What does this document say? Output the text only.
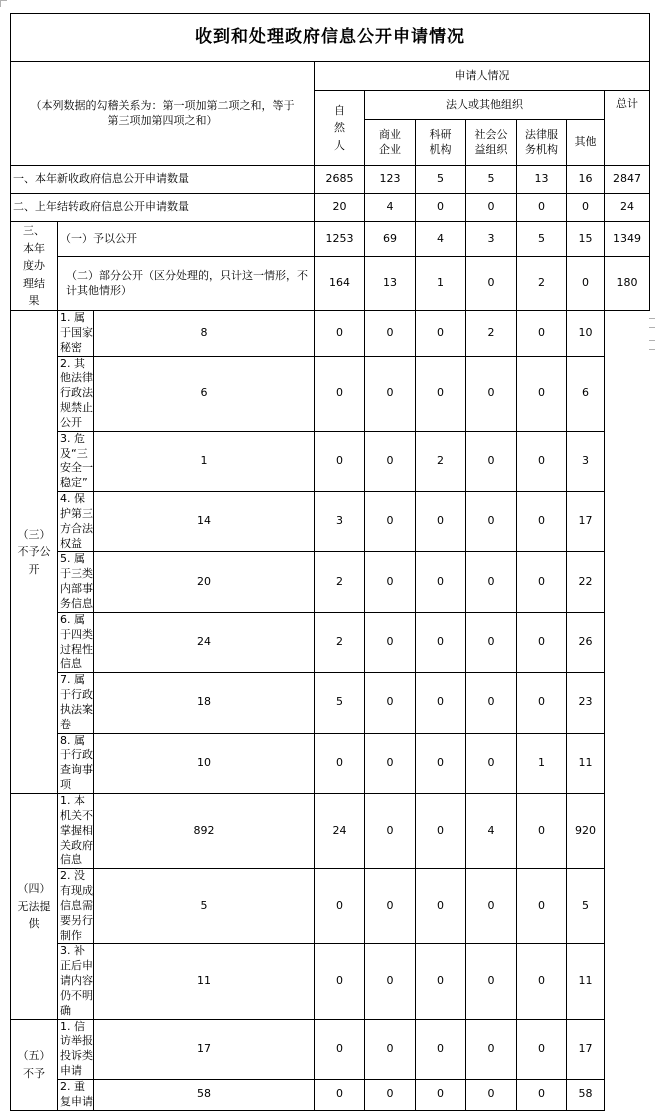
收到和处理政府信息公开申请情况									
（本列数据的勾稽关系为：第一项加第二项之和，等于第三项加第四项之和）			申请人情况						
			自然人	法人或其他组织					总计
				商业企业	科研机构	社会公益组织	法律服务机构	其他	
一、本年新收政府信息公开申请数量			2685	123	5	5	13	16	2847
二、上年结转政府信息公开申请数量			20	4	0	0	0	0	24
三、本年度办理结果	（一）予以公开		1253	69	4	3	5	15	1349
	（二）部分公开（区分处理的，只计这一情形，不计其他情形）		164	13	1	0	2	0	180
（三）不予公开	1. 属于国家秘密	8	0	0	0	2	0	10	
	2. 其他法律行政法规禁止公开	6	0	0	0	0	0	6	
	3. 危及“三安全一稳定”	1	0	0	2	0	0	3	
	4. 保护第三方合法权益	14	3	0	0	0	0	17	
	5. 属于三类内部事务信息	20	2	0	0	0	0	22	
	6. 属于四类过程性信息	24	2	0	0	0	0	26	
	7. 属于行政执法案卷	18	5	0	0	0	0	23	
	8. 属于行政查询事项	10	0	0	0	0	1	11	
（四）无法提供	1. 本机关不掌握相关政府信息	892	24	0	0	4	0	920	
	2. 没有现成信息需要另行制作	5	0	0	0	0	0	5	
	3. 补正后申请内容仍不明确	11	0	0	0	0	0	11	
（五）不予	1. 信访举报投诉类申请	17	0	0	0	0	0	17	
	2. 重复申请	58	0	0	0	0	0	58	
